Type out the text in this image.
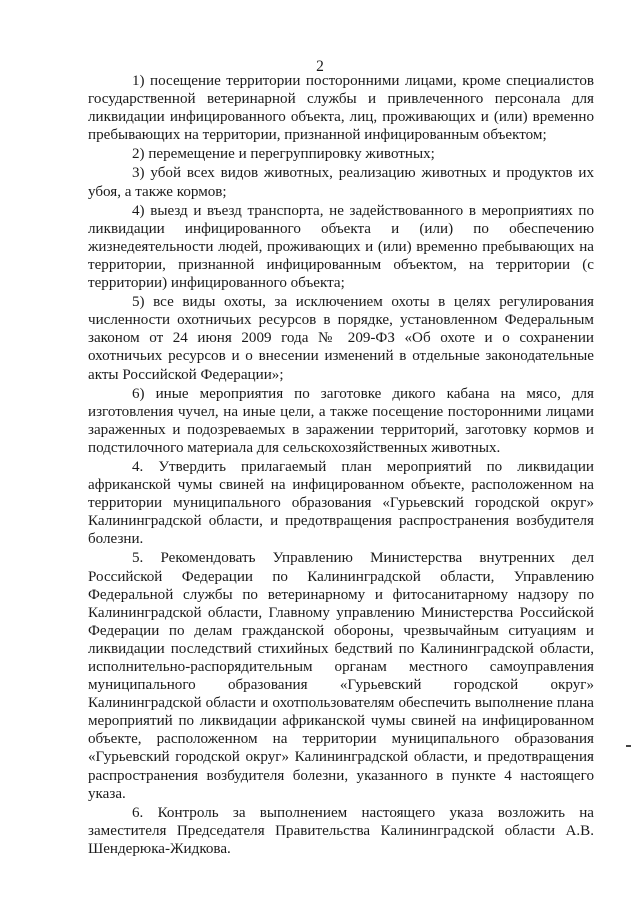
2

1) посещение территории посторонними лицами, кроме специалистов государственной ветеринарной службы и привлеченного персонала для ликвидации инфицированного объекта, лиц, проживающих и (или) временно пребывающих на территории, признанной инфицированным объектом;

2) перемещение и перегруппировку животных;

3) убой всех видов животных, реализацию животных и продуктов их убоя, а также кормов;

4) выезд и въезд транспорта, не задействованного в мероприятиях по ликвидации инфицированного объекта и (или) по обеспечению жизнедеятельности людей, проживающих и (или) временно пребывающих на территории, признанной инфицированным объектом, на территории (с территории) инфицированного объекта;

5) все виды охоты, за исключением охоты в целях регулирования численности охотничьих ресурсов в порядке, установленном Федеральным законом от 24 июня 2009 года № 209-ФЗ «Об охоте и о сохранении охотничьих ресурсов и о внесении изменений в отдельные законодательные акты Российской Федерации»;

6) иные мероприятия по заготовке дикого кабана на мясо, для изготовления чучел, на иные цели, а также посещение посторонними лицами зараженных и подозреваемых в заражении территорий, заготовку кормов и подстилочного материала для сельскохозяйственных животных.

4. Утвердить прилагаемый план мероприятий по ликвидации африканской чумы свиней на инфицированном объекте, расположенном на территории муниципального образования «Гурьевский городской округ» Калининградской области, и предотвращения распространения возбудителя болезни.

5. Рекомендовать Управлению Министерства внутренних дел Российской Федерации по Калининградской области, Управлению Федеральной службы по ветеринарному и фитосанитарному надзору по Калининградской области, Главному управлению Министерства Российской Федерации по делам гражданской обороны, чрезвычайным ситуациям и ликвидации последствий стихийных бедствий по Калининградской области, исполнительно-распорядительным органам местного самоуправления муниципального образования «Гурьевский городской округ» Калининградской области и охотпользователям обеспечить выполнение плана мероприятий по ликвидации африканской чумы свиней на инфицированном объекте, расположенном на территории муниципального образования «Гурьевский городской округ» Калининградской области, и предотвращения распространения возбудителя болезни, указанного в пункте 4 настоящего указа.

6. Контроль за выполнением настоящего указа возложить на заместителя Председателя Правительства Калининградской области А.В. Шендерюка-Жидкова.
